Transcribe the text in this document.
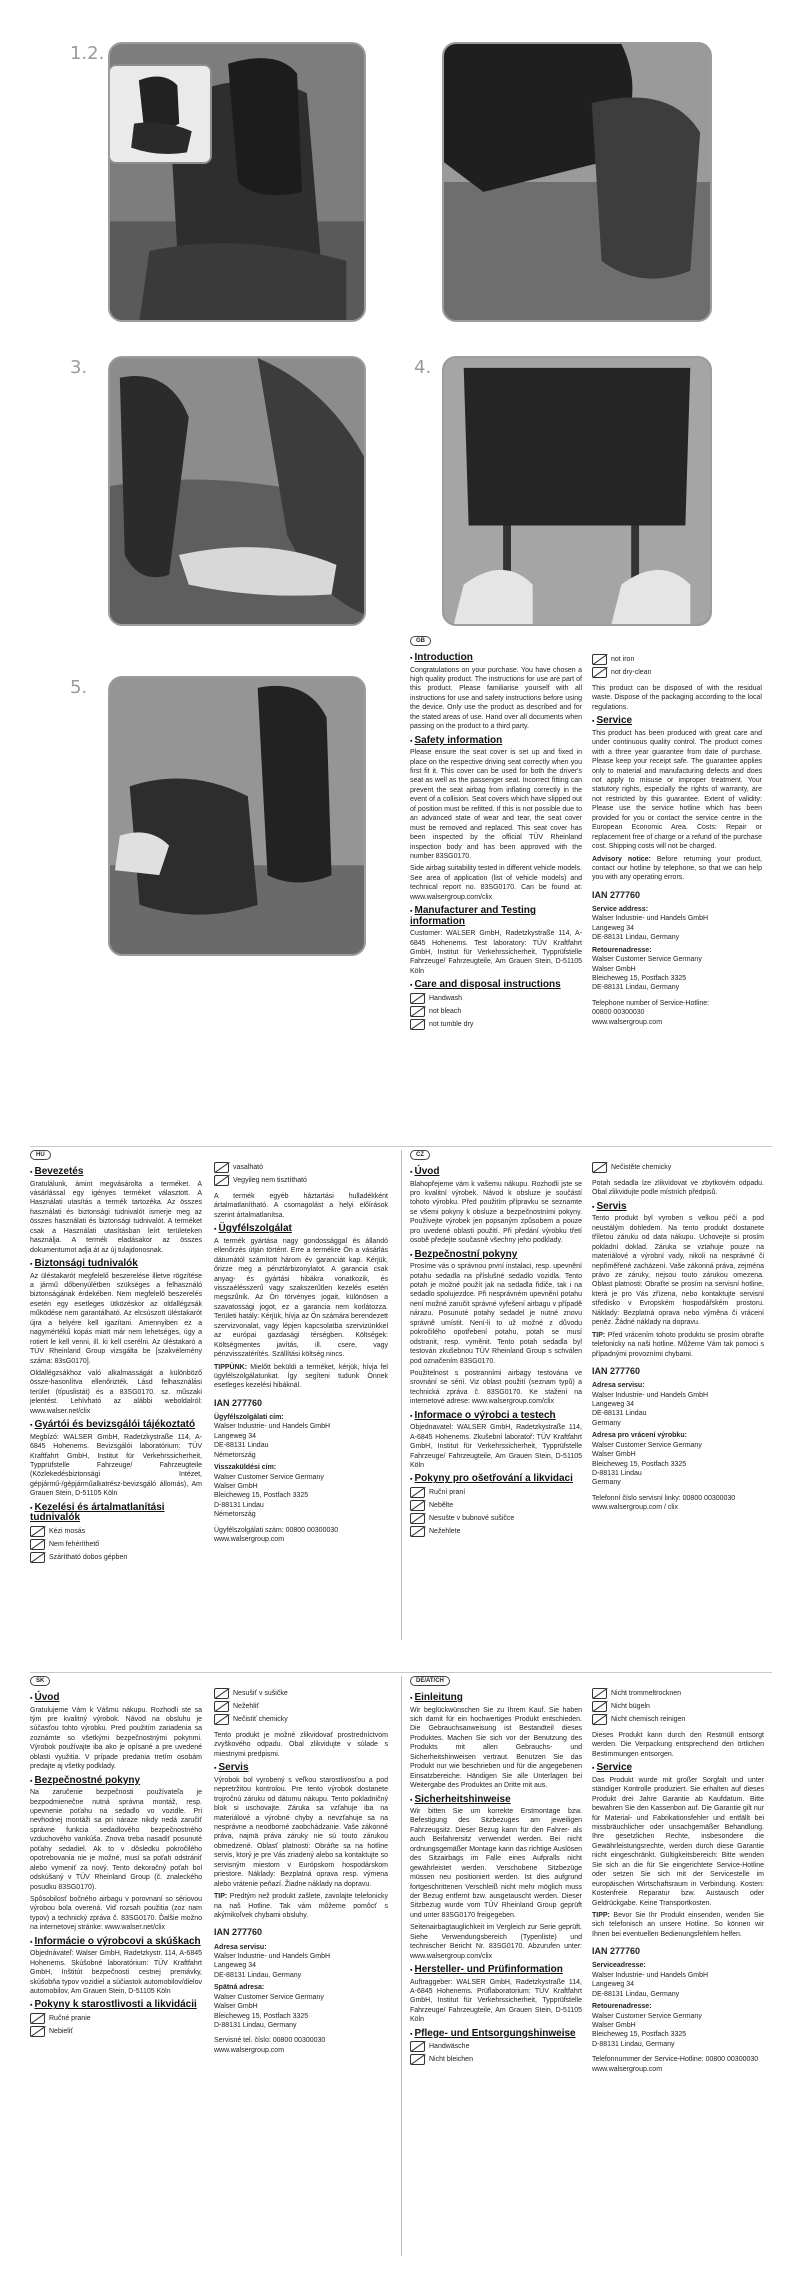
1.2.
3.	4.
5.
GB
▪ Introduction

Congratulations on your purchase. You have chosen a high quality product. The instructions for use are part of this product. Please familiarise yourself with all instructions for use and safety instructions before using the device. Only use the product as described and for the stated areas of use. Hand over all documents when passing on the product to a third party.

▪ Safety information

Please ensure the seat cover is set up and fixed in place on the respective driving seat correctly when you first fit it. This cover can be used for both the driver's seat as well as the passenger seat. Incorrect fitting can prevent the seat airbag from inflating correctly in the event of a collision. Seat covers which have slipped out of position must be refitted. If this is not possible due to an advanced state of wear and tear, the seat cover must be removed and replaced. This seat cover has been inspected by the official TÜV Rheinland inspection body and has been approved with the number 83SG0170.

Side airbag suitability tested in different vehicle models. See area of application (list of vehicle models) and technical report no. 83SG0170. Can be found at: www.walsergroup.com/clix

▪ Manufacturer and Testing information

Customer: WALSER GmbH, Radetzkystraße 114, A-6845 Hohenems. Test laboratory: TÜV Kraftfahrt GmbH, Institut für Verkehrssicherheit, Typprüfstelle Fahrzeuge/ Fahrzeugteile, Am Grauen Stein, D-51105 Köln

▪ Care and disposal instructions
Handwash
not bleach
not tumble dry
not iron
not dry-clean

This product can be disposed of with the residual waste. Dispose of the packaging according to the local regulations.

▪ Service

This product has been produced with great care and under continuous quality control. The product comes with a three year guarantee from date of purchase. Please keep your receipt safe. The guarantee applies only to material and manufacturing defects and does not apply to misuse or improper treatment. Your statutory rights, especially the rights of warranty, are not restricted by this guarantee. Extent of validity: Please use the service hotline which has been provided for you or contact the service centre in the European Economic Area. Costs: Repair or replacement free of charge or a refund of the purchase cost. Shipping costs will not be charged.

Advisory notice: Before returning your product, contact our hotline by telephone, so that we can help you with any operating errors.

IAN 277760
Service address:

Walser Industrie- und Handels GmbH
Langeweg 34
DE-88131 Lindau, Germany

Retourenadresse:

Walser Customer Service Germany
Walser GmbH
Bleicheweg 15, Postfach 3325
DE-88131 Lindau, Germany

Telephone number of Service-Hotline:
00800 00300030
www.walsergroup.com

HU
▪ Bevezetés

Gratulálunk, ámint megvásárolta a terméket. A vásárlással egy igényes terméket választott. A Használati utasítás a termék tartozéka. Az összes használati és biztonsági tudnivalót ismerje meg az összes használati és biztonsági tudnivalót. A terméket csak a Használati utasításban leírt területeken használja. A termék eladásakor az összes dokumentumot adja át az új tulajdonosnak.

▪ Biztonsági tudnivalók

Az üléstakarót megfelelő beszerelése illetve rögzítése a jármű dőbenyúlétben szükséges a felhasználó biztonságának érdekében. Nem megfelelő beszerelés esetén egy esetleges ütközéskor az oldallégzsák működése nem garantálható. Az elcsúszott üléstakarót újra a helyére kell igazítani. Amennyiben ez a nagymértékű kopás miatt már nem lehetséges, úgy a rotiert le kell venni, ill. ki kell cserélni. Az üléstakaró a TÜV Rheinland Group vizsgálta be [szakvélemény száma: 83sG0170].

Oldallégzsákhoz való alkalmasságát a különböző össze-hasonlítva ellenőrizték. Lásd felhasználási terület (típuslistát) és a 83SG0170. sz. műszaki jelentést. Lehívható az alábbi weboldalról: www.walser.net/clix

▪ Gyártói és bevizsgálói tájékoztató

Megbízó: WALSER GmbH, Radetzkystraße 114, A-6845 Hohenems. Bevizsgálói laboratórium: TÜV Kraftfahrt GmbH, Institut für Verkehrssicherheit, Typprüfstelle Fahrzeuge/ Fahrzeugteile (Közlekedésbiztonsági Intézet, gépjármű-/gépjárműalkatrész-bevizsgáló állomás), Am Grauen Stein, D-51105 Köln

▪ Kezelési és ártalmatlanítási tudnivalók
Kézi mosás
Nem fehéríthető
Szárítható dobos gépben
vasalható
Vegyileg nem tisztítható

A termék egyéb háztartási hulladékként ártalmatlanítható. A csomagolást a helyi előírások szerint ártalmatlanítsa.

▪ Ügyfélszolgálat

A termék gyártása nagy gondossággal és állandó ellenőrzés útján történt. Erre a termékre Ön a vásárlás dátumától számított három év garanciát kap. Kérjük, őrizze meg a pénztárbizonylatot. A garancia csak anyag- és gyártási hibákra vonatkozik, és visszaélésszerű vagy szakszerűtlen kezelés esetén megszűnik. Az Ön törvényes jogait, különösen a szavatossági jogot, ez a garancia nem korlátozza. Területi hatály: Kérjük, hívja az Ön számára berendezett szervizvonalat, vagy lépjen kapcsolatba szervizünkkel az európai gazdasági térségben. Költségek: Költségmentes javítás, ill. csere, vagy pénzvisszatérítés. Szállítási költség nincs.

TIPPÜNK: Mielőtt beküldi a terméket, kérjük, hívja fel ügyfélszolgálatunkat. Így segíteni tudunk Önnek esetleges kezelési hibáknál.

IAN 277760
Ügyfélszolgálati cím:

Walser Industrie- und Handels GmbH
Langeweg 34
DE-88131 Lindau
Németország

Visszaküldési cím:

Walser Customer Service Germany
Walser GmbH
Bleicheweg 15, Postfach 3325
D-88131 Lindau
Németország

Ügyfélszolgálati szám: 00800 00300030
www.walsergroup.com

CZ
▪ Úvod

Blahopřejeme vám k vašemu nákupu. Rozhodli jste se pro kvalitní výrobek. Návod k obsluze je součástí tohoto výrobku. Před použitím přípravku se seznamte se všemi pokyny k obsluze a bezpečnostními pokyny. Používejte výrobek jen popsaným způsobem a pouze pro uvedené oblasti použití. Při předání výrobku třetí osobě předejte současně všechny jeho podklady.

▪ Bezpečnostní pokyny

Prosíme vás o správnou první instalaci, resp. upevnění potahu sedadla na příslušné sedadlo vozidla. Tento potah je možné použít jak na sedadla řidiče, tak i na sedadlo spolujezdce. Při nesprávném upevnění potahu není možné zaručit správné vyfešení airbagu v případě nárazu. Posunuté potahy sedadel je nutné znovu správně umístit. Není-li to už možné z důvodu pokročilého opotřebení potahu, potah se musí odstranit, resp. vyměnit. Tento potah sedadla byl testován zkušebnou TÜV Rheinland Group s schválen pod označením 83SG0170.

Použitelnost s postranními airbagy testována ve srovnání se sérií. Viz oblast použití (seznam typů) a technická zpráva č. 83SG0170. Ke stažení na internetové adrese: www.walsergroup.com/clix

▪ Informace o výrobci a testech

Objednavatel: WALSER GmbH, Radetzkystraße 114, A-6845 Hohenems. Zkušební laboratoř: TÜV Kraftfahrt GmbH, Institut für Verkehrssicherheit, Typprüfstelle Fahrzeuge/ Fahrzeugteile, Am Grauen Stein, D-51105 Köln

▪ Pokyny pro ošetřování a likvidaci
Ruční praní
Nebělte
Nesušte v bubnové sušičce
Nežehlete
Nečistěte chemicky

Potah sedadla lze zlikvidovat ve zbytkovém odpadu. Obal zlikvidujte podle místních předpisů.

▪ Servis

Tento produkt byl vyroben s velkou péčí a pod neustálým dohledem. Na tento produkt dostanete tříletou záruku od data nákupu. Uchovejte si prosím pokladní doklad. Záruka se vztahuje pouze na materiálové a výrobní vady, nikoli na nesprávné či nepřiměřené zacházení. Vaše zákonná práva, zejména právo ze záruky, nejsou touto zárukou omezena. Oblast platnosti: Obraťte se prosím na servisní hotline, která je pro Vás zřízena, nebo kontaktujte servisní středisko v Evropském hospodářském prostoru. Náklady: Bezplatná oprava nebo výměna či vrácení peněz. Žádné náklady na dopravu.

TIP: Před vrácením tohoto produktu se prosím obraťte telefonicky na naši hotline. Můžeme Vám tak pomoci s případnými provozními chybami.

IAN 277760
Adresa servisu:

Walser Industrie- und Handels GmbH
Langeweg 34
DE-88131 Lindau
Germany

Adresa pro vrácení výrobku:

Walser Customer Service Germany
Walser GmbH
Bleicheweg 15, Postfach 3325
D-88131 Lindau
Germany

Telefonní číslo servisní linky: 00800 00300030
www.walsergroup.com / clix

SK
▪ Úvod

Gratulujeme Vám k Vášmu nákupu. Rozhodli ste sa tým pre kvalitný výrobok. Návod na obsluhu je súčasťou tohto výrobku. Pred použitím zariadenia sa zoznámte so všetkými bezpečnostnými pokynmi. Výrobok používajte iba ako je opísané a pre uvedené oblasti využitia. V prípade predania tretím osobám predajte aj všetky podklady.

▪ Bezpečnostné pokyny

Na zaručenie bezpečnosti používateľa je bezpodmienečne nutná správna montáž, resp. upevnenie poťahu na sedadlo vo vozidle. Pri nevhodnej montáži sa pri náraze nikdy nedá zaručiť správne funkcia sedadlového bezpečnostného vzduchového vankúša. Znova treba nasadiť posunuté poťahy sedadiel. Ak to v dôsledku pokročilého opotrebovania nie je možné, musí sa poťah odstrániť alebo vymeniť za nový. Tento dekoračný poťah bol odskúšaný v TÜV Rheinland Group (č. znaleckého posudku 83SG0170).

Spôsobilosť bočného airbagu v porovnaní so sériovou výrobou bola overená. Viď rozsah použitia (zoz nam typov) a technický zpráva č. 83SG0170. Ďalšie možno na internetovej stránke: www.walser.net/clix

▪ Informácie o výrobcovi a skúškach

Objednávateľ: Walser GmbH, Radetzkystr. 114, A-6845 Hohenems. Skúšobné laboratórium: TÜV Kraftfahrt GmbH, Inštitút bezpečnosti cestnej premávky, skúšobňa typov vozidiel a súčiastok automobilov/dielov automobilov, Am Grauen Stein, D-51105 Köln

▪ Pokyny k starostlivosti a likvidácii
Ručné pranie
Nebieliť
Nesušiť v sušičke
Nežehliť
Nečistiť chemicky

Tento produkt je možné zlikvidovať prostredníctvom zvyškového odpadu. Obal zlikvidujte v súlade s miestnymi predpismi.

▪ Servis

Výrobok bol vyrobený s veľkou starostlivosťou a pod nepretržitou kontrolou. Pre tento výrobok dostanete trojročnú záruku od dátumu nákupu. Tento pokladničný blok si uschovajte. Záruka sa vzťahuje iba na materiálové a výrobné chyby a nevzťahuje sa na nesprávne a neodborné zaobchádzanie. Vaše zákonné práva, najmä práva záruky nie sú touto zárukou obmedzené. Oblasť platnosti: Obráťte sa na hotline servis, ktorý je pre Vás zriadený alebo sa kontaktujte so servisným miestom v Európskom hospodárskom priestore. Náklady: Bezplatná oprava resp. výmena alebo vrátenie peňazí. Žiadne náklady na dopravu.

TIP: Predtým než produkt zašlete, zavolajte telefonicky na naš Hotline. Tak vám môžeme pomôcť s akýmikoľvek chybami obsluhy.

IAN 277760
Adresa servisu:

Walser Industrie- und Handels GmbH
Langeweg 34
DE-88131 Lindau, Germany

Spätná adresa:

Walser Customer Service Germany
Walser GmbH
Bleicheweg 15, Postfach 3325
D-88131 Lindau, Germany

Servisné tel. číslo: 00800 00300030
www.walsergroup.com

DE/AT/CH
▪ Einleitung

Wir beglückwünschen Sie zu Ihrem Kauf. Sie haben sich damit für ein hochwertiges Produkt entschieden. Die Gebrauchsanweisung ist Bestandteil dieses Produktes. Machen Sie sich vor der Benutzung des Produkts mit allen Gebrauchs- und Sicherheitshinweisen vertraut. Benutzen Sie das Produkt nur wie beschrieben und für die angegebenen Einsatzbereiche. Händigen Sie alle Unterlagen bei Weitergabe des Produktes an Dritte mit aus.

▪ Sicherheitshinweise

Wir bitten Sie um korrekte Erstmontage bzw. Befestigung des Sitzbezuges am jeweiligen Fahrzeugsitz. Dieser Bezug kann für den Fahrer- als auch Beifahrersitz verwendet werden. Bei nicht ordnungsgemäßer Montage kann das richtige Auslösen des Sitzairbags im Falle eines Aufpralls nicht gewährleistet werden. Verschobene Sitzbezüge müssen neu positioniert werden. Ist dies aufgrund fortgeschrittenen Verschleiß nicht mehr möglich muss der Bezug entfernt bzw. ausgetauscht werden. Dieser Sitzbezug wurde vom TÜV Rheinland Group geprüft und unter 83SG0170 freigegeben.

Seitenairbagtauglichkeit im Vergleich zur Serie geprüft. Siehe Verwendungsbereich (Typenliste) und technischer Bericht Nr. 83SG0170. Abzurufen unter: www.walsergroup.com/clix

▪ Hersteller- und Prüfinformation

Auftraggeber: WALSER GmbH, Radetzkystraße 114, A-6845 Hohenems. Prüflaboratorium: TÜV Kraftfahrt GmbH, Institut für Verkehrssicherheit, Typprüfstelle Fahrzeuge/ Fahrzeugteile, Am Grauen Stein, D-51105 Köln

▪ Pflege- und Entsorgungshinweise
Handwäsche
Nicht bleichen
Nicht trommeltrocknen
Nicht bügeln
Nicht chemisch reinigen

Dieses Produkt kann durch den Restmüll entsorgt werden. Die Verpackung entsprechend den örtlichen Bestimmungen entsorgen.

▪ Service

Das Produkt wurde mit großer Sorgfalt und unter ständiger Kontrolle produziert. Sie erhalten auf dieses Produkt drei Jahre Garantie ab Kaufdatum. Bitte bewahren Sie den Kassenbon auf. Die Garantie gilt nur für Material- und Fabrikationsfehler und entfällt bei missbräuchlicher oder unsachgemäßer Behandlung. Ihre gesetzlichen Rechte, insbesondere die Gewährleistungsrechte, werden durch diese Garantie nicht eingeschränkt. Gültigkeitsbereich: Bitte wenden Sie sich an die für Sie eingerichtete Service-Hotline oder setzen Sie sich mit der Servicestelle im europäischen Wirtschaftsraum in Verbindung. Kosten: Kostenfreie Reparatur bzw. Austausch oder Geldrückgabe. Keine Transportkosten.

TIPP: Bevor Sie Ihr Produkt einsenden, wenden Sie sich telefonisch an unsere Hotline. So können wir Ihnen bei eventuellen Bedienungsfehlern helfen.

IAN 277760
Serviceadresse:

Walser Industrie- und Handels GmbH
Langeweg 34
DE-88131 Lindau, Germany

Retourenadresse:

Walser Customer Service Germany
Walser GmbH
Bleicheweg 15, Postfach 3325
D-88131 Lindau, Germany

Telefonnummer der Service-Hotline: 00800 00300030
www.walsergroup.com
